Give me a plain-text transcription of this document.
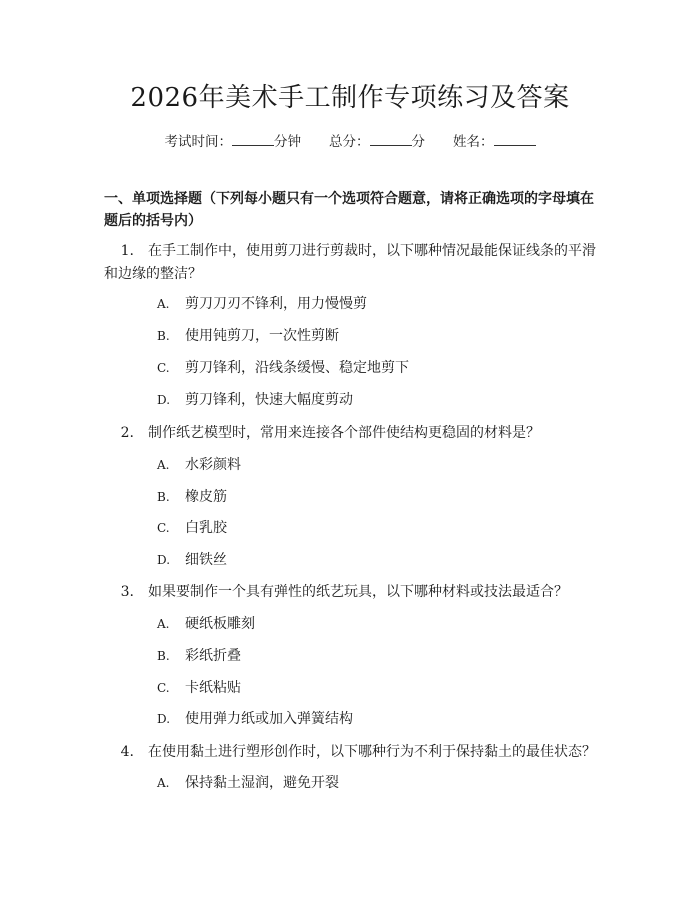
2026年美术手工制作专项练习及答案
考试时间：	分钟 总分：	分 姓名：
一、单项选择题（下列每小题只有一个选项符合题意，请将正确选项的字母填在题后的括号内）
1. 在手工制作中，使用剪刀进行剪裁时，以下哪种情况最能保证线条的平滑和边缘的整洁？
A. 剪刀刀刃不锋利，用力慢慢剪
B. 使用钝剪刀，一次性剪断
C. 剪刀锋利，沿线条缓慢、稳定地剪下
D. 剪刀锋利，快速大幅度剪动
2. 制作纸艺模型时，常用来连接各个部件使结构更稳固的材料是？
A. 水彩颜料
B. 橡皮筋
C. 白乳胶
D. 细铁丝
3. 如果要制作一个具有弹性的纸艺玩具，以下哪种材料或技法最适合？
A. 硬纸板雕刻
B. 彩纸折叠
C. 卡纸粘贴
D. 使用弹力纸或加入弹簧结构
4. 在使用黏土进行塑形创作时，以下哪种行为不利于保持黏土的最佳状态？
A. 保持黏土湿润，避免开裂
